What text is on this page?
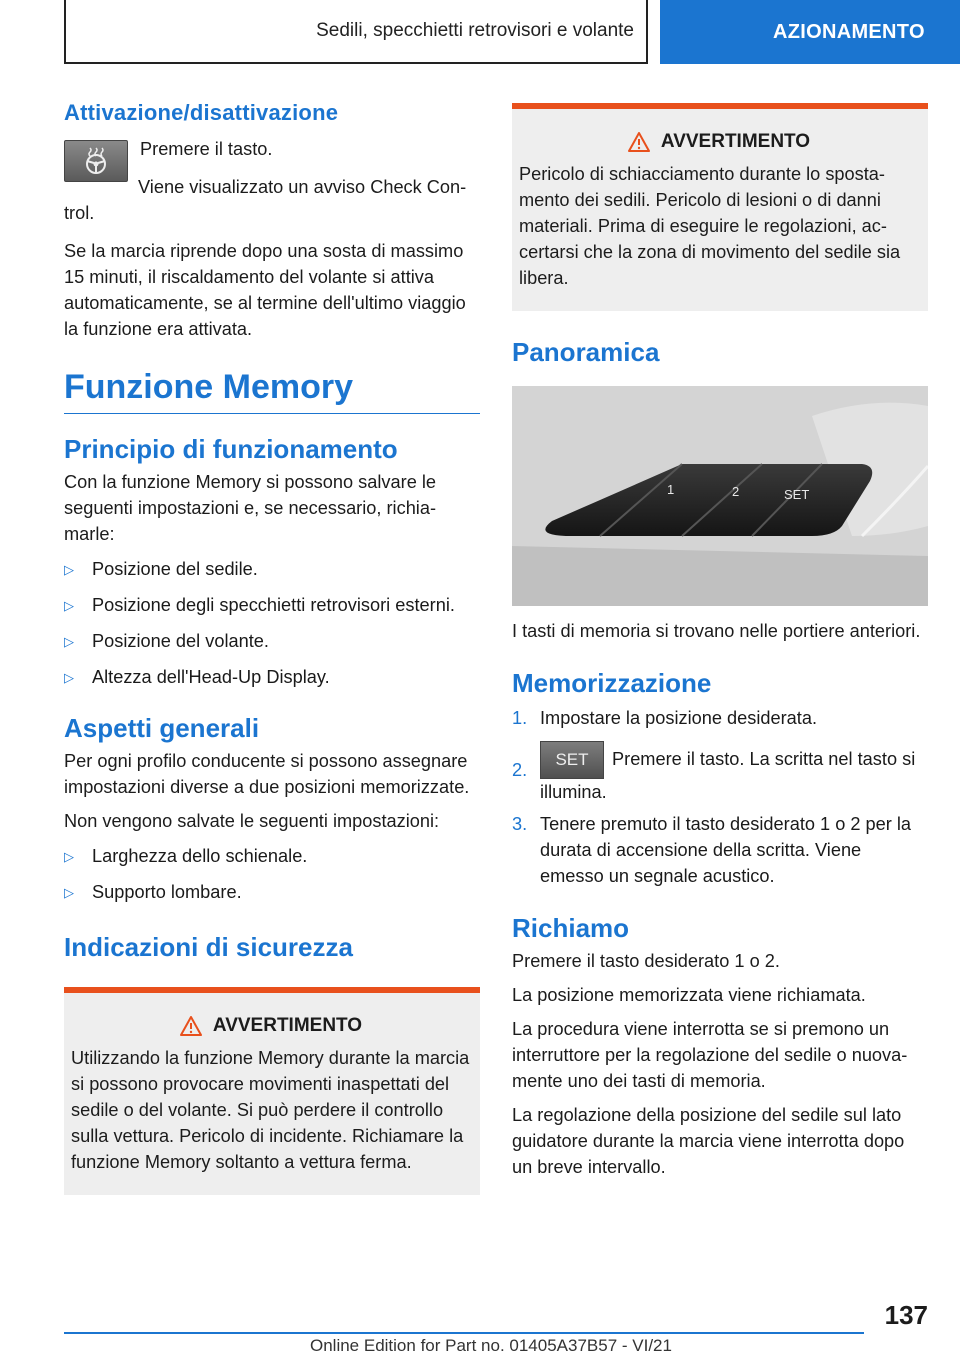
Sedili, specchietti retrovisori e volante	AZIONAMENTO
Attivazione/disattivazione

Premere il tasto.

Viene visualizzato un avviso Check Control.

Se la marcia riprende dopo una sosta di massimo 15 minuti, il riscaldamento del volante si attiva automaticamente, se al termine dell'ultimo viaggio la funzione era attivata.

Funzione Memory
Principio di funzionamento

Con la funzione Memory si possono salvare le seguenti impostazioni e, se necessario, richiamarle:

▷ Posizione del sedile.
▷ Posizione degli specchietti retrovisori esterni.
▷ Posizione del volante.
▷ Altezza dell'Head-Up Display.
Aspetti generali

Per ogni profilo conducente si possono assegnare impostazioni diverse a due posizioni memorizzate.

Non vengono salvate le seguenti impostazioni:

▷ Larghezza dello schienale.
▷ Supporto lombare.
Indicazioni di sicurezza
AVVERTIMENTO

Utilizzando la funzione Memory durante la marcia si possono provocare movimenti inaspettati del sedile o del volante. Si può perdere il controllo sulla vettura. Pericolo di incidente. Richiamare la funzione Memory soltanto a vettura ferma.

AVVERTIMENTO

Pericolo di schiacciamento durante lo spostamento dei sedili. Pericolo di lesioni o di danni materiali. Prima di eseguire le regolazioni, accertarsi che la zona di movimento del sedile sia libera.

Panoramica
1	2	SET

I tasti di memoria si trovano nelle portiere anteriori.

Memorizzazione
1. Impostare la posizione desiderata.
2.
SET Premere il tasto. La scritta nel tasto si illumina.
3. Tenere premuto il tasto desiderato 1 o 2 per la durata di accensione della scritta. Viene emesso un segnale acustico.
Richiamo

Premere il tasto desiderato 1 o 2.

La posizione memorizzata viene richiamata.

La procedura viene interrotta se si premono un interruttore per la regolazione del sedile o nuovamente uno dei tasti di memoria.

La regolazione della posizione del sedile sul lato guidatore durante la marcia viene interrotta dopo un breve intervallo.

137
Online Edition for Part no. 01405A37B57 - VI/21
